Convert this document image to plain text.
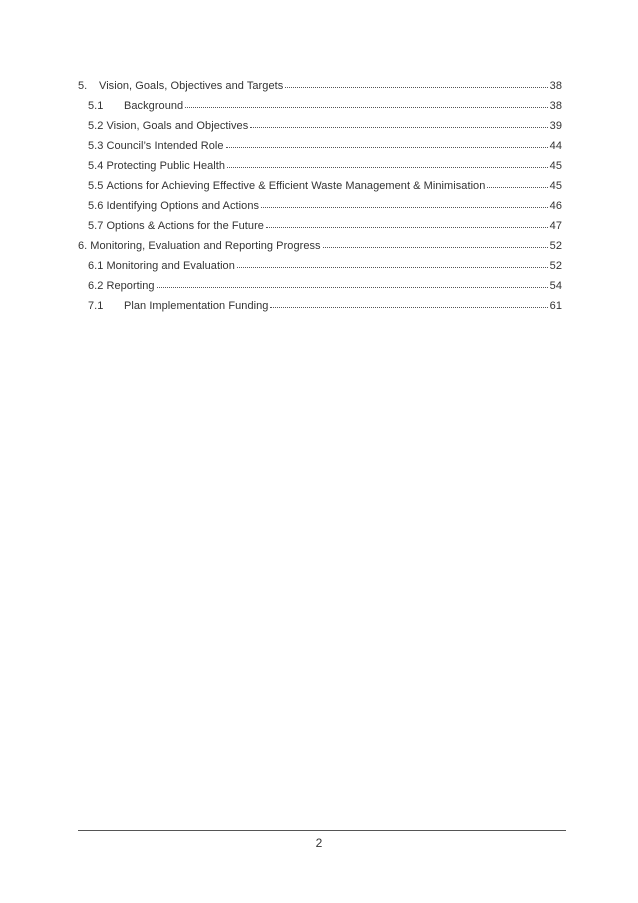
5.	Vision, Goals, Objectives and Targets	38
5.1	Background	38
5.2 Vision, Goals and Objectives	39
5.3 Council’s Intended Role	44
5.4 Protecting Public Health	45
5.5 Actions for Achieving Effective & Efficient Waste Management & Minimisation	45
5.6 Identifying Options and Actions	46
5.7 Options & Actions for the Future	47
6. Monitoring, Evaluation and Reporting Progress	52
6.1 Monitoring and Evaluation	52
6.2 Reporting	54
7.1	Plan Implementation Funding	61
2
